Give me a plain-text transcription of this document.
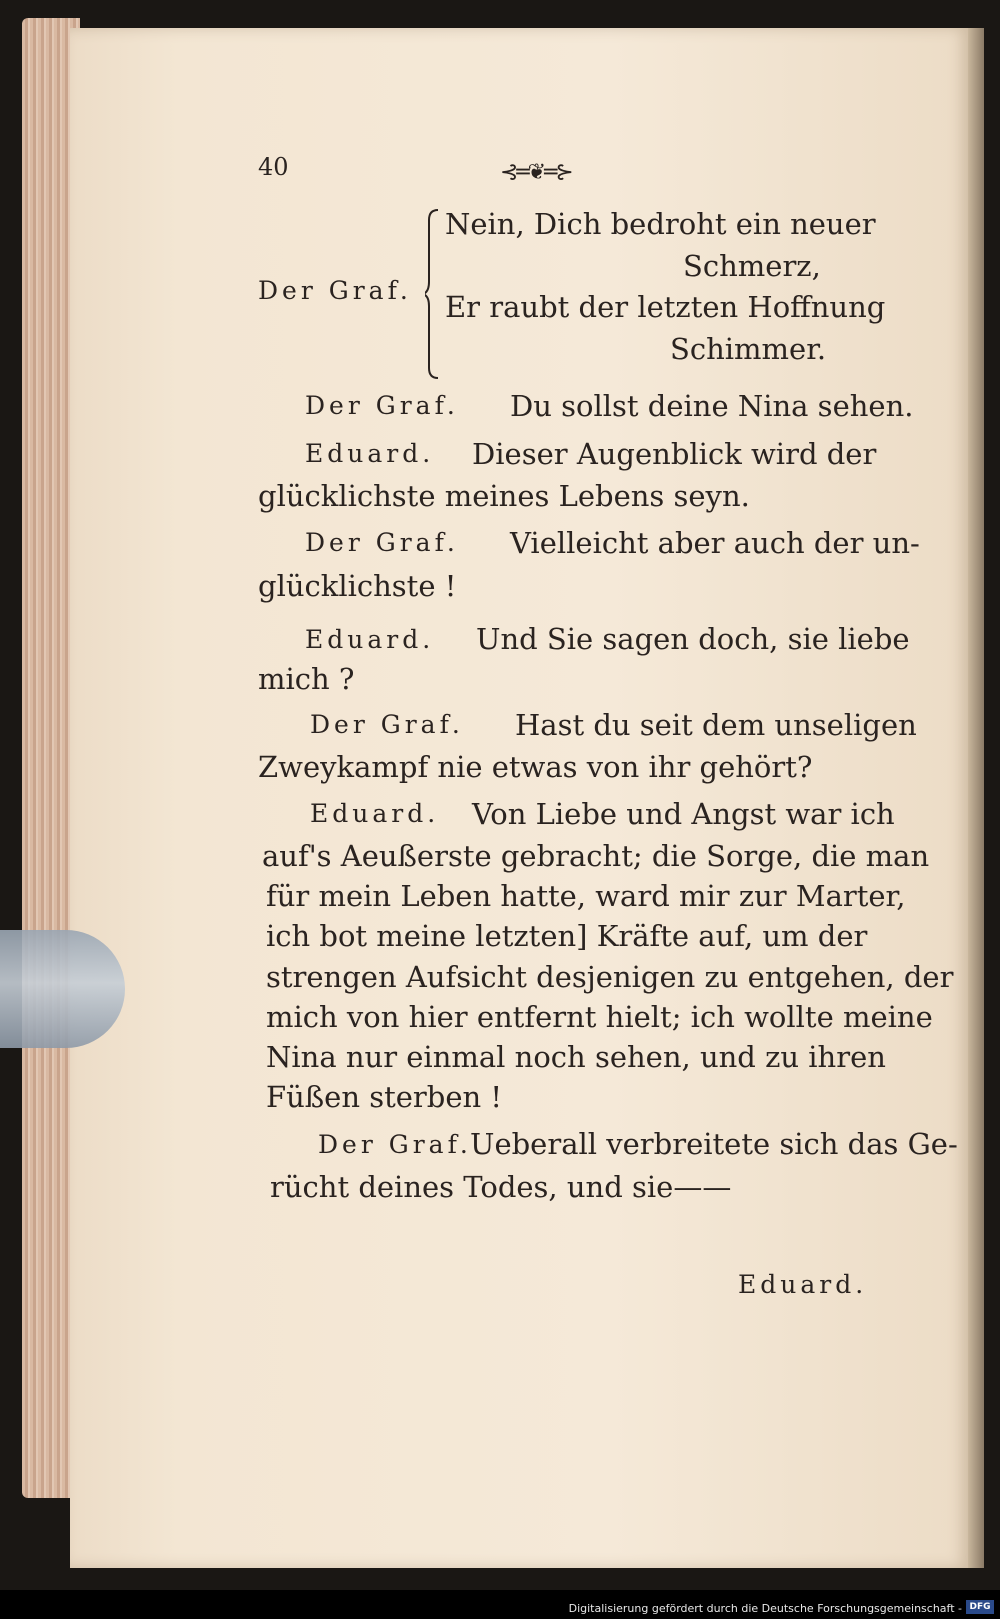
40	⊰═❦═⊱
Der Graf.
Nein, Dich bedroht ein neuer
Schmerz,
Er raubt der letzten Hoffnung
Schimmer.
Der Graf. Du sollst deine Nina sehen.
Eduard. Dieser Augenblick wird der
glücklichste meines Lebens seyn.
Der Graf. Vielleicht aber auch der un-
glücklichste !
Eduard. Und Sie sagen doch, sie liebe
mich ?
Der Graf. Hast du seit dem unseligen
Zweykampf nie etwas von ihr gehört?
Eduard. Von Liebe und Angst war ich
auf's Aeußerste gebracht; die Sorge, die man
für mein Leben hatte, ward mir zur Marter,
ich bot meine letzten] Kräfte auf, um der
strengen Aufsicht desjenigen zu entgehen, der
mich von hier entfernt hielt; ich wollte meine
Nina nur einmal noch sehen, und zu ihren
Füßen sterben !
Der Graf.
Ueberall verbreitete sich das Ge-
rücht deines Todes, und sie——
Eduard.
Digitalisierung gefördert durch die Deutsche Forschungsgemeinschaft - DFG
